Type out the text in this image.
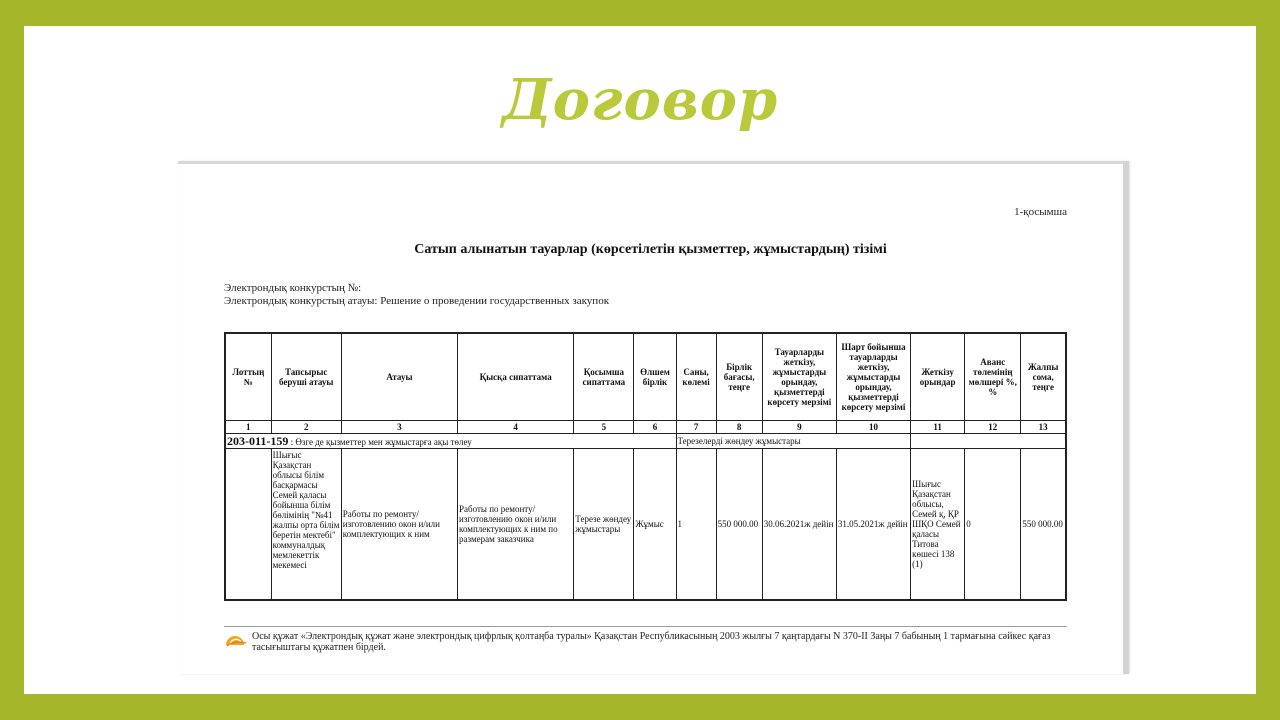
Договор
1-қосымша
Сатып алынатын тауарлар (көрсетілетін қызметтер, жұмыстардың) тізімі
Электрондық конкурстың №:
Электрондық конкурстың атауы: Решение о проведении государственных закупок
Лоттың №	Тапсырыс беруші атауы	Атауы	Қысқа сипаттама	Қосымша сипаттама	Өлшем бірлік	Саны, көлемі	Бірлік бағасы, теңге	Тауарларды жеткізу, жұмыстарды орындау, қызметтерді көрсету мерзімі	Шарт бойынша тауарларды жеткізу, жұмыстарды орындау, қызметтерді көрсету мерзімі	Жеткізу орындар	Аванс төлемінің мөлшері %, %	Жалпы сома, теңге
1	2	3	4	5	6	7	8	9	10	11	12	13
203-011-159 : Өзге де қызметтер мен жұмыстарға ақы төлеу						Терезелерді жөндеу жұмыстары						
	Шығыс Қазақстан облысы білім басқармасы Семей қаласы бойынша білім бөлімінің "№41 жалпы орта білім беретін мектебі" коммуналдық мемлекеттік мекемесі	Работы по ремонту/изготовлению окон и/или комплектующих к ним	Работы по ремонту/изготовлению окон и/или комплектующих к ним по размерам заказчика	Терезе жөндеу жұмыстары	Жұмыс	1	550 000.00	30.06.2021ж дейін	31.05.2021ж дейін	Шығыс Қазақстан облысы, Семей қ, ҚР ШҚО Семей қаласы Титова көшесі 138 (1)	0	550 000.00
Осы құжат «Электрондық құжат және электрондық цифрлық қолтаңба туралы» Қазақстан Республикасының 2003 жылғы 7 қаңтардағы N 370-II Заңы 7 бабының 1 тармағына сәйкес қағаз тасығыштағы құжатпен бірдей.
